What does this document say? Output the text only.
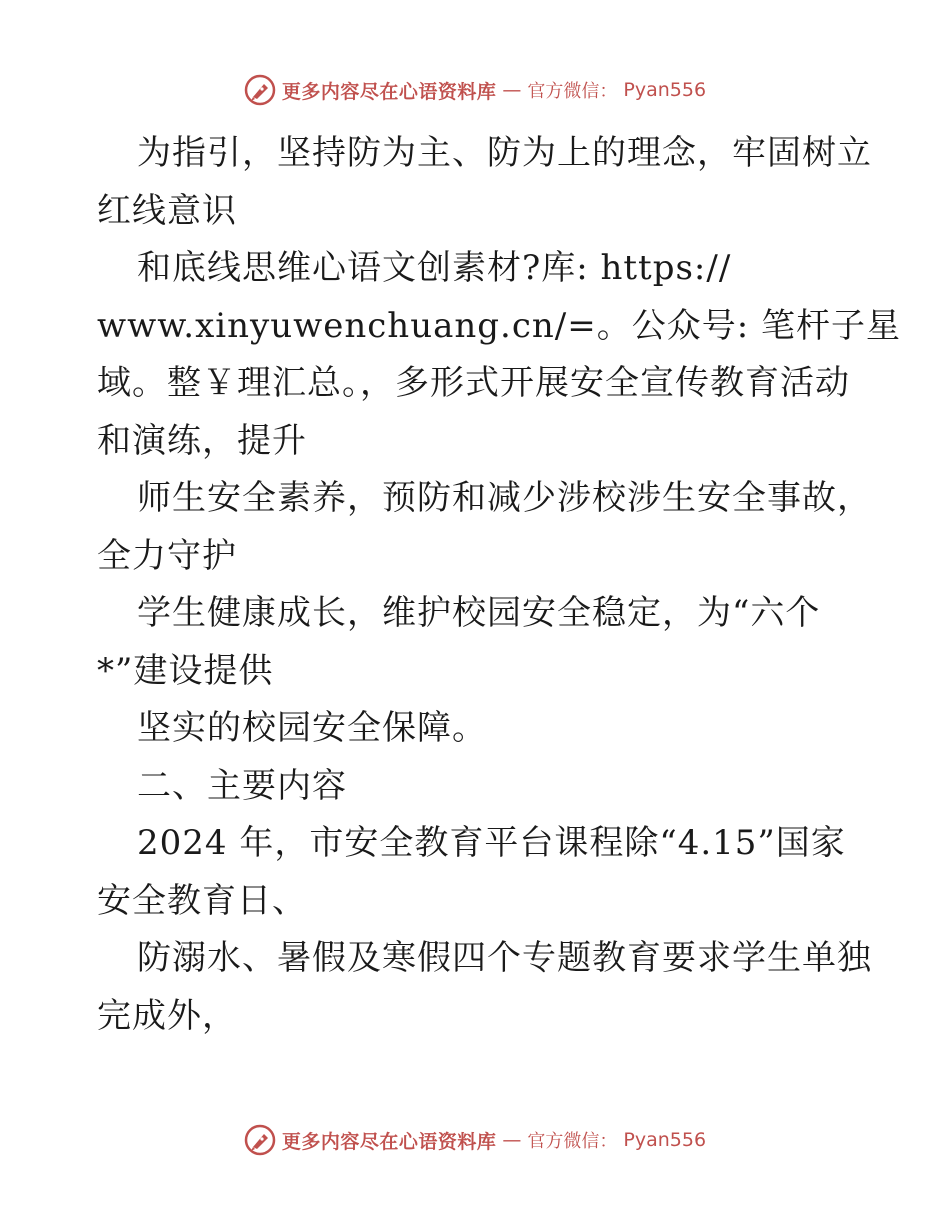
更多内容尽在心语资料库 — 官方微信： Pyan556
为指引，坚持防为主、防为上的理念，牢固树立
红线意识
和底线思维心语文创素材?库: https://
www.xinyuwenchuang.cn/=。公众号: 笔杆子星
域。整￥理汇总。，多形式开展安全宣传教育活动
和演练，提升
师生安全素养，预防和减少涉校涉生安全事故，
全力守护
学生健康成长，维护校园安全稳定，为“六个
*”建设提供
坚实的校园安全保障。
二、主要内容
2024 年，市安全教育平台课程除“4.15”国家
安全教育日、
防溺水、暑假及寒假四个专题教育要求学生单独
完成外，
更多内容尽在心语资料库 — 官方微信： Pyan556
